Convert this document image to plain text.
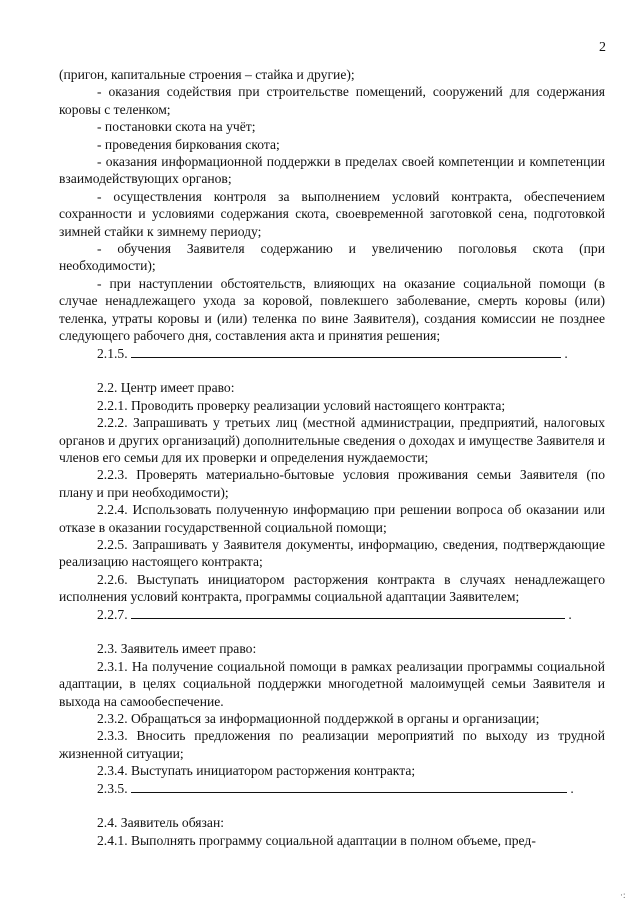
2

(пригон, капитальные строения – стайка и другие);

- оказания содействия при строительстве помещений, сооружений для содержания коровы с теленком;

- постановки скота на учёт;

- проведения биркования скота;

- оказания информационной поддержки в пределах своей компетенции и компетенции взаимодействующих органов;

- осуществления контроля за выполнением условий контракта, обеспечением сохранности и условиями содержания скота, своевременной заготовкой сена, подготовкой зимней стайки к зимнему периоду;

- обучения Заявителя содержанию и увеличению поголовья скота (при необходимости);

- при наступлении обстоятельств, влияющих на оказание социальной помощи (в случае ненадлежащего ухода за коровой, повлекшего заболевание, смерть коровы (или) теленка, утраты коровы и (или) теленка по вине Заявителя), создания комиссии не позднее следующего рабочего дня, составления акта и принятия решения;

2.1.5.	.

2.2. Центр имеет право:

2.2.1. Проводить проверку реализации условий настоящего контракта;

2.2.2. Запрашивать у третьих лиц (местной администрации, предприятий, налоговых органов и других организаций) дополнительные сведения о доходах и имуществе Заявителя и членов его семьи для их проверки и определения нуждаемости;

2.2.3. Проверять материально-бытовые условия проживания семьи Заявителя (по плану и при необходимости);

2.2.4. Использовать полученную информацию при решении вопроса об оказании или отказе в оказании государственной социальной помощи;

2.2.5. Запрашивать у Заявителя документы, информацию, сведения, подтверждающие реализацию настоящего контракта;

2.2.6. Выступать инициатором расторжения контракта в случаях ненадлежащего исполнения условий контракта, программы социальной адаптации Заявителем;

2.2.7.	.

2.3. Заявитель имеет право:

2.3.1. На получение социальной помощи в рамках реализации программы социальной адаптации, в целях социальной поддержки многодетной малоимущей семьи Заявителя и выхода на самообеспечение.

2.3.2. Обращаться за информационной поддержкой в органы и организации;

2.3.3. Вносить предложения по реализации мероприятий по выходу из трудной жизненной ситуации;

2.3.4. Выступать инициатором расторжения контракта;

2.3.5.	.

2.4. Заявитель обязан:

2.4.1. Выполнять программу социальной адаптации в полном объеме, пред-

·:
